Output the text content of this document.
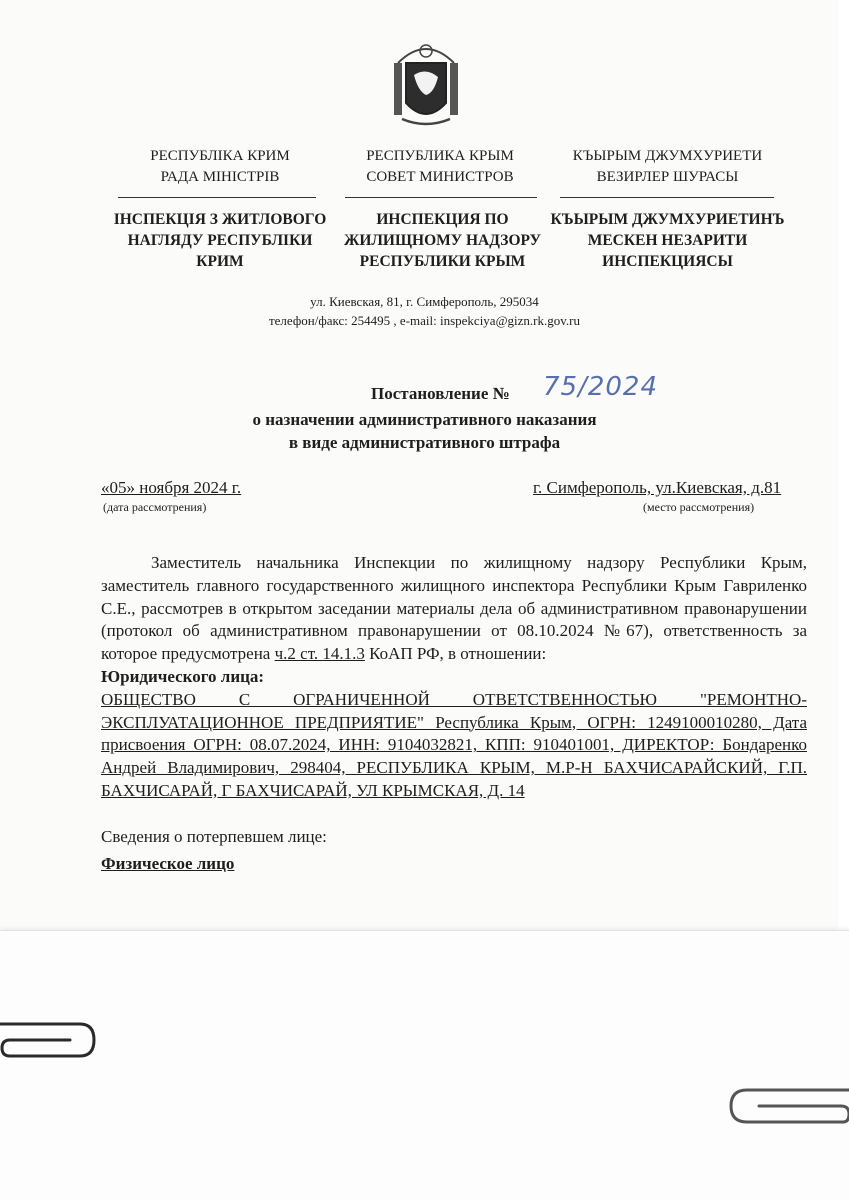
РЕСПУБЛІКА КРИМ
РАДА МІНІСТРІВ
РЕСПУБЛИКА КРЫМ
СОВЕТ МИНИСТРОВ
КЪЫРЫМ ДЖУМХУРИЕТИ
ВЕЗИРЛЕР ШУРАСЫ
ІНСПЕКЦІЯ З ЖИТЛОВОГО
НАГЛЯДУ РЕСПУБЛІКИ
КРИМ
ИНСПЕКЦИЯ ПО
ЖИЛИЩНОМУ НАДЗОРУ
РЕСПУБЛИКИ КРЫМ
КЪЫРЫМ ДЖУМХУРИЕТИНЪ
МЕСКЕН НЕЗАРИТИ
ИНСПЕКЦИЯСЫ
ул. Киевская, 81, г. Симферополь, 295034
телефон/факс: 254495 , e-mail: inspekciya@gizn.rk.gov.ru
Постановление № 75/2024
о назначении административного наказания
в виде административного штрафа
«05» ноября 2024 г.
(дата рассмотрения)
г. Симферополь, ул.Киевская, д.81
(место рассмотрения)
Заместитель начальника Инспекции по жилищному надзору Республики Крым, заместитель главного государственного жилищного инспектора Республики Крым Гавриленко С.Е., рассмотрев в открытом заседании материалы дела об административном правонарушении (протокол об административном правонарушении от 08.10.2024 №67), ответственность за которое предусмотрена ч.2 ст. 14.1.3 КоАП РФ, в отношении:
Юридического лица:
ОБЩЕСТВО С ОГРАНИЧЕННОЙ ОТВЕТСТВЕННОСТЬЮ "РЕМОНТНО-ЭКСПЛУАТАЦИОННОЕ ПРЕДПРИЯТИЕ" Республика Крым, ОГРН: 1249100010280, Дата присвоения ОГРН: 08.07.2024, ИНН: 9104032821, КПП: 910401001, ДИРЕКТОР: Бондаренко Андрей Владимирович, 298404, РЕСПУБЛИКА КРЫМ, М.Р-Н БАХЧИСАРАЙСКИЙ, Г.П. БАХЧИСАРАЙ, Г БАХЧИСАРАЙ, УЛ КРЫМСКАЯ, Д. 14
Сведения о потерпевшем лице:
Физическое лицо
